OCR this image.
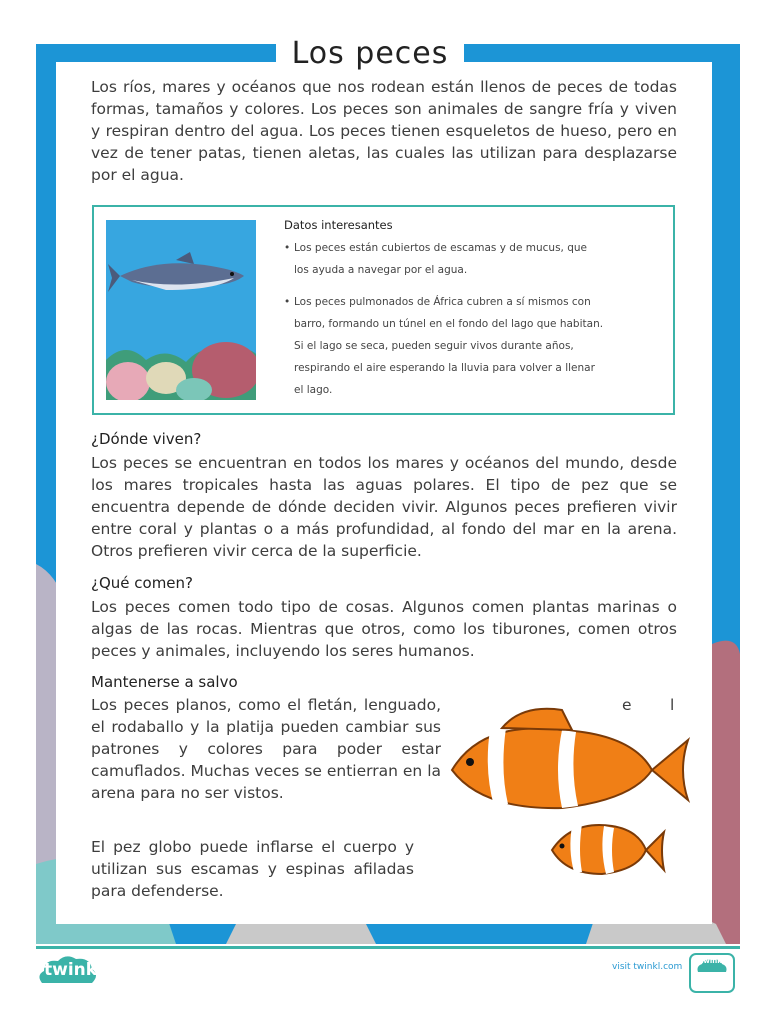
Los peces

Los ríos, mares y océanos que nos rodean están llenos de peces de todas formas, tamaños y colores. Los peces son animales de sangre fría y viven y respiran dentro del agua. Los peces tienen esqueletos de hueso, pero en vez de tener patas, tienen aletas, las cuales las utilizan para desplazarse por el agua.

Datos interesantes

• Los peces están cubiertos de escamas y de mucus, que los ayuda a navegar por el agua.

• Los peces pulmonados de África cubren a sí mismos con barro, formando un túnel en el fondo del lago que habitan. Si el lago se seca, pueden seguir vivos durante años, respirando el aire esperando la lluvia para volver a llenar el lago.

¿Dónde viven?

Los peces se encuentran en todos los mares y océanos del mundo, desde los mares tropicales hasta las aguas polares. El tipo de pez que se encuentra depende de dónde deciden vivir. Algunos peces prefieren vivir entre coral y plantas o a más profundidad, al fondo del mar en la arena. Otros prefieren vivir cerca de la superficie.

¿Qué comen?

Los peces comen todo tipo de cosas. Algunos comen plantas marinas o algas de las rocas. Mientras que otros, como los tiburones, comen otros peces y animales, incluyendo los seres humanos.

Mantenerse a salvo

Los peces planos, como el fletán, lenguado, el rodaballo y la platija pueden cambiar sus patrones y colores para poder estar camuflados. Muchas veces se entierran en la arena para no ser vistos.

e l

El pez globo puede inflarse el cuerpo y utilizan sus escamas y espinas afiladas para defenderse.

twinkl	visit twinkl.com
twinkl
